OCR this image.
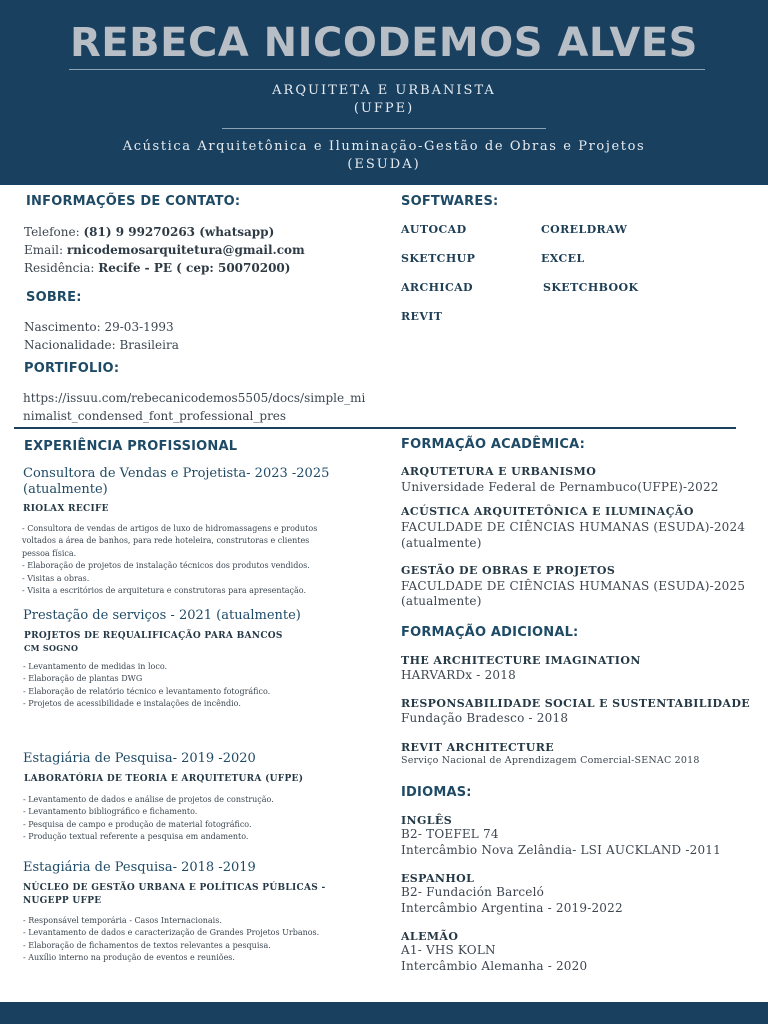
REBECA NICODEMOS ALVES
ARQUITETA E URBANISTA
(UFPE)
Acústica Arquitetônica e Iluminação-Gestão de Obras e Projetos
(ESUDA)
INFORMAÇÕES DE CONTATO:
Telefone: (81) 9 99270263 (whatsapp)
Email: rnicodemosarquitetura@gmail.com
Residência: Recife - PE ( cep: 50070200)
SOBRE:
Nascimento: 29-03-1993
Nacionalidade: Brasileira
PORTIFOLIO:
https://issuu.com/rebecanicodemos5505/docs/simple_mi
nimalist_condensed_font_professional_pres
SOFTWARES:
AUTOCAD
SKETCHUP
ARCHICAD
REVIT
CORELDRAW
EXCEL
SKETCHBOOK
EXPERIÊNCIA PROFISSIONAL
Consultora de Vendas e Projetista- 2023 -2025
(atualmente)
RIOLAX RECIFE
- Consultora de vendas de artigos de luxo de hidromassagens e produtos
voltados a área de banhos, para rede hoteleira, construtoras e clientes
pessoa física.
- Elaboração de projetos de instalação técnicos dos produtos vendidos.
- Visitas a obras.
- Visita a escritórios de arquitetura e construtoras para apresentação.
Prestação de serviços - 2021 (atualmente)
PROJETOS DE REQUALIFICAÇÃO PARA BANCOS
CM SOGNO
- Levantamento de medidas in loco.
- Elaboração de plantas DWG
- Elaboração de relatório técnico e levantamento fotográfico.
- Projetos de acessibilidade e instalações de incêndio.
Estagiária de Pesquisa- 2019 -2020
LABORATÓRIA DE TEORIA E ARQUITETURA (UFPE)
- Levantamento de dados e análise de projetos de construção.
- Levantamento bibliográfico e fichamento.
- Pesquisa de campo e produção de material fotográfico.
- Produção textual referente a pesquisa em andamento.
Estagiária de Pesquisa- 2018 -2019
NÚCLEO DE GESTÃO URBANA E POLÍTICAS PÚBLICAS -
NUGEPP UFPE
- Responsável temporária - Casos Internacionais.
- Levantamento de dados e caracterização de Grandes Projetos Urbanos.
- Elaboração de fichamentos de textos relevantes a pesquisa.
- Auxílio interno na produção de eventos e reuniões.
FORMAÇÃO ACADÊMICA:
ARQUTETURA E URBANISMO
Universidade Federal de Pernambuco(UFPE)-2022
ACÚSTICA ARQUITETÔNICA E ILUMINAÇÃO
FACULDADE DE CIÊNCIAS HUMANAS (ESUDA)-2024
(atualmente)
GESTÃO DE OBRAS E PROJETOS
FACULDADE DE CIÊNCIAS HUMANAS (ESUDA)-2025
(atualmente)
FORMAÇÃO ADICIONAL:
THE ARCHITECTURE IMAGINATION
HARVARDx - 2018
RESPONSABILIDADE SOCIAL E SUSTENTABILIDADE
Fundação Bradesco - 2018
REVIT ARCHITECTURE
Serviço Nacional de Aprendizagem Comercial-SENAC 2018
IDIOMAS:
INGLÊS
B2- TOEFEL 74
Intercâmbio Nova Zelândia- LSI AUCKLAND -2011
ESPANHOL
B2- Fundación Barceló
Intercâmbio Argentina - 2019-2022
ALEMÃO
A1- VHS KOLN
Intercâmbio Alemanha - 2020
